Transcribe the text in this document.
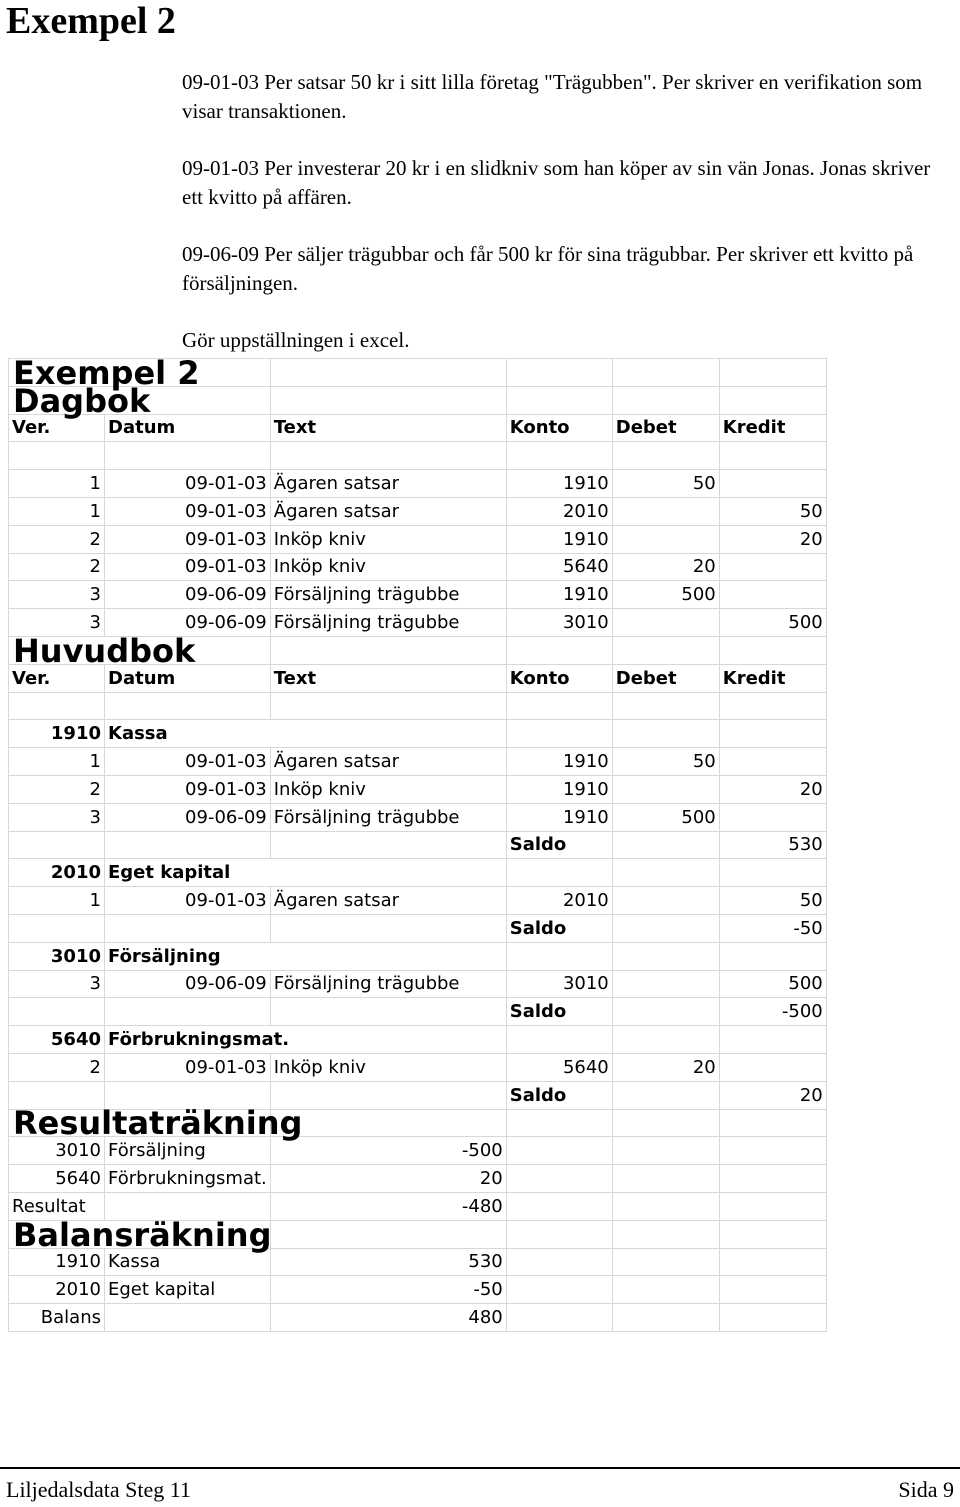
Exempel 2

09-01-03 Per satsar 50 kr i sitt lilla företag "Trägubben". Per skriver en verifikation som visar transaktionen.

09-01-03 Per investerar 20 kr i en slidkniv som han köper av sin vän Jonas. Jonas skriver ett kvitto på affären.

09-06-09 Per säljer trägubbar och får 500 kr för sina trägubbar. Per skriver ett kvitto på försäljningen.

Gör uppställningen i excel.

Exempel 2					

Dagbok					

Ver.	Datum	Text	Konto	Debet	Kredit

1	09-01-03	Ägaren satsar	1910	50	
1	09-01-03	Ägaren satsar	2010		50
2	09-01-03	Inköp kniv	1910		20
2	09-01-03	Inköp kniv	5640	20	
3	09-06-09	Försäljning trägubbe	1910	500	
3	09-06-09	Försäljning trägubbe	3010		500

Huvudbok					

Ver.	Datum	Text	Konto	Debet	Kredit

1910	Kassa				
1	09-01-03	Ägaren satsar	1910	50	
2	09-01-03	Inköp kniv	1910		20
3	09-06-09	Försäljning trägubbe	1910	500	
			Saldo		530
2010	Eget kapital				
1	09-01-03	Ägaren satsar	2010		50
			Saldo		-50
3010	Försäljning				
3	09-06-09	Försäljning trägubbe	3010		500
			Saldo		-500
5640	Förbrukningsmat.				
2	09-01-03	Inköp kniv	5640	20	
			Saldo		20

Resultaträkning					

3010	Försäljning	-500			
5640	Förbrukningsmat.	20			
Resultat		-480			

Balansräkning					

1910	Kassa	530			
2010	Eget kapital	-50			
Balans		480			
Liljedalsdata Steg 11	Sida 9
